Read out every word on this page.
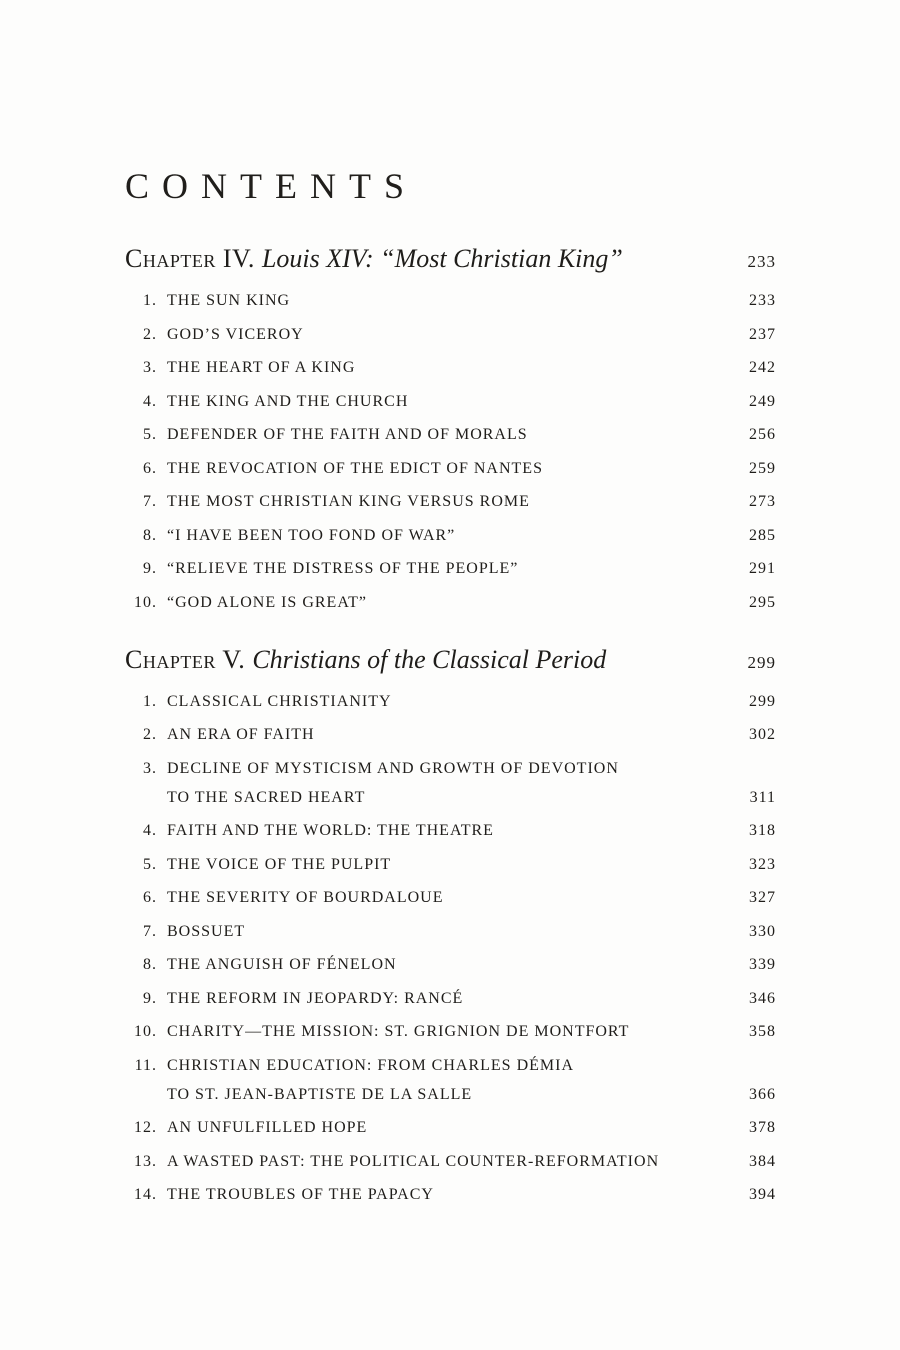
CONTENTS
Chapter IV. Louis XIV: “Most Christian King”	233
1. THE SUN KING	233
2. GOD’S VICEROY	237
3. THE HEART OF A KING	242
4. THE KING AND THE CHURCH	249
5. DEFENDER OF THE FAITH AND OF MORALS	256
6. THE REVOCATION OF THE EDICT OF NANTES	259
7. THE MOST CHRISTIAN KING VERSUS ROME	273
8. “I HAVE BEEN TOO FOND OF WAR”	285
9. “RELIEVE THE DISTRESS OF THE PEOPLE”	291
10. “GOD ALONE IS GREAT”	295
Chapter V. Christians of the Classical Period	299
1. CLASSICAL CHRISTIANITY	299
2. AN ERA OF FAITH	302
3. DECLINE OF MYSTICISM AND GROWTH OF DEVOTION
TO THE SACRED HEART	311
4. FAITH AND THE WORLD: THE THEATRE	318
5. THE VOICE OF THE PULPIT	323
6. THE SEVERITY OF BOURDALOUE	327
7. BOSSUET	330
8. THE ANGUISH OF FÉNELON	339
9. THE REFORM IN JEOPARDY: RANCÉ	346
10. CHARITY—THE MISSION: ST. GRIGNION DE MONTFORT	358
11. CHRISTIAN EDUCATION: FROM CHARLES DÉMIA
TO ST. JEAN-BAPTISTE DE LA SALLE	366
12. AN UNFULFILLED HOPE	378
13. A WASTED PAST: THE POLITICAL COUNTER-REFORMATION	384
14. THE TROUBLES OF THE PAPACY	394
